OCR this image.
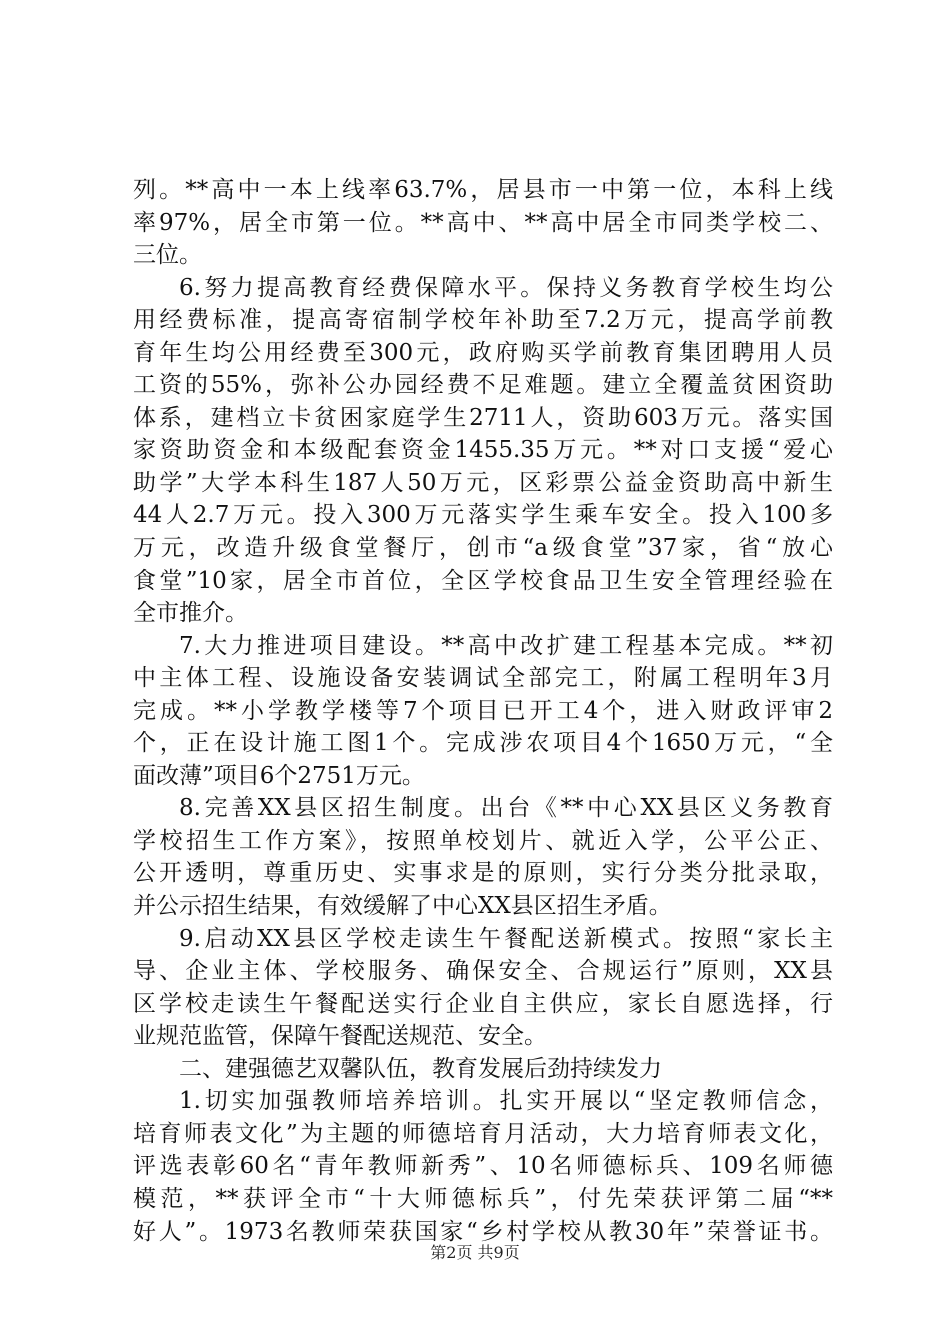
列。**高中一本上线率63.7%，居县市一中第一位，本科上线
率97%，居全市第一位。**高中、**高中居全市同类学校二、
三位。
6.努力提高教育经费保障水平。保持义务教育学校生均公
用经费标准，提高寄宿制学校年补助至7.2万元，提高学前教
育年生均公用经费至300元，政府购买学前教育集团聘用人员
工资的55%，弥补公办园经费不足难题。建立全覆盖贫困资助
体系，建档立卡贫困家庭学生2711人，资助603万元。落实国
家资助资金和本级配套资金1455.35万元。**对口支援“爱心
助学”大学本科生187人50万元，区彩票公益金资助高中新生
44人2.7万元。投入300万元落实学生乘车安全。投入100多
万元，改造升级食堂餐厅，创市“a级食堂”37家，省“放心
食堂”10家，居全市首位，全区学校食品卫生安全管理经验在
全市推介。
7.大力推进项目建设。**高中改扩建工程基本完成。**初
中主体工程、设施设备安装调试全部完工，附属工程明年3月
完成。**小学教学楼等7个项目已开工4个，进入财政评审2
个，正在设计施工图1个。完成涉农项目4个1650万元，“全
面改薄”项目6个2751万元。
8.完善XX县区招生制度。出台《**中心XX县区义务教育
学校招生工作方案》，按照单校划片、就近入学，公平公正、
公开透明，尊重历史、实事求是的原则，实行分类分批录取，
并公示招生结果，有效缓解了中心XX县区招生矛盾。
9.启动XX县区学校走读生午餐配送新模式。按照“家长主
导、企业主体、学校服务、确保安全、合规运行”原则，XX县
区学校走读生午餐配送实行企业自主供应，家长自愿选择，行
业规范监管，保障午餐配送规范、安全。
二、建强德艺双馨队伍，教育发展后劲持续发力
1.切实加强教师培养培训。扎实开展以“坚定教师信念，
培育师表文化”为主题的师德培育月活动，大力培育师表文化，
评选表彰60名“青年教师新秀”、10名师德标兵、109名师德
模范，**获评全市“十大师德标兵”，付先荣获评第二届“**
好人”。1973名教师荣获国家“乡村学校从教30年”荣誉证书。
第2页 共9页
